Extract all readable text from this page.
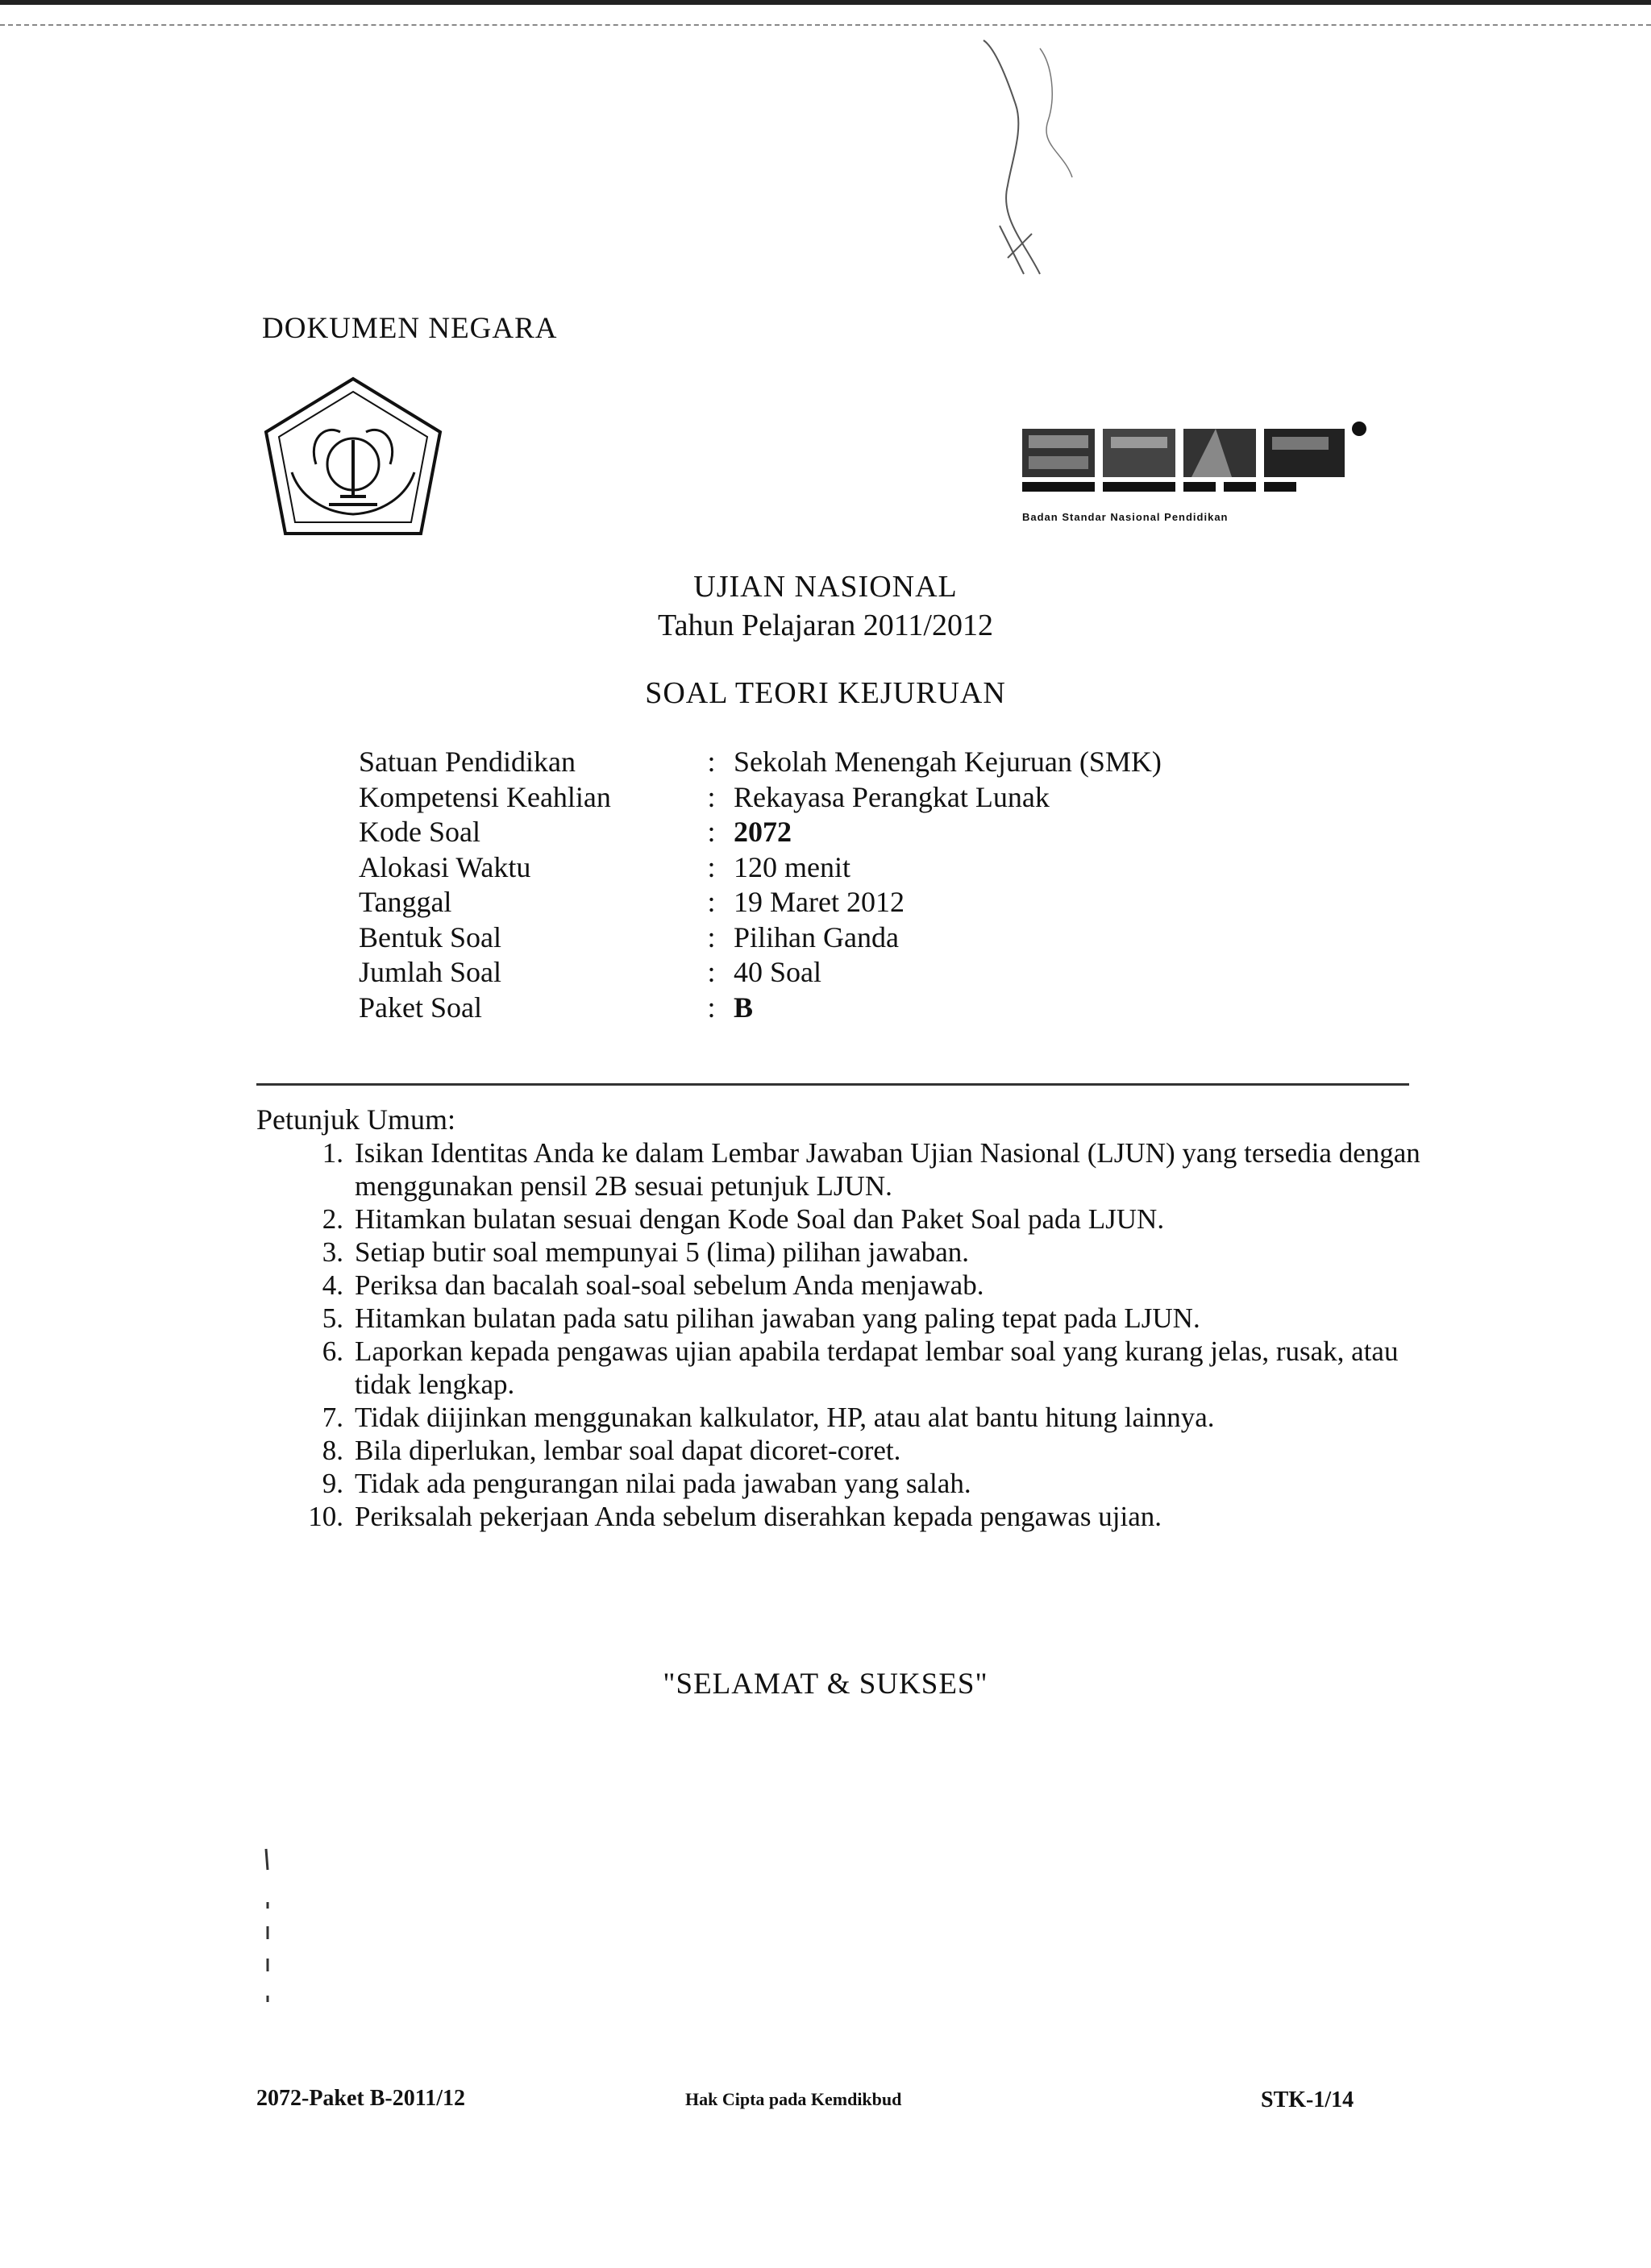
DOKUMEN NEGARA
Badan Standar Nasional Pendidikan
UJIAN NASIONAL
Tahun Pelajaran 2011/2012
SOAL TEORI KEJURUAN
Satuan Pendidikan	: Sekolah Menengah Kejuruan (SMK)
Kompetensi Keahlian	: Rekayasa Perangkat Lunak
Kode Soal	: 2072
Alokasi Waktu	: 120 menit
Tanggal	: 19 Maret 2012
Bentuk Soal	: Pilihan Ganda
Jumlah Soal	: 40 Soal
Paket Soal	: B
Petunjuk Umum:
1. Isikan Identitas Anda ke dalam Lembar Jawaban Ujian Nasional (LJUN) yang tersedia dengan menggunakan pensil 2B sesuai petunjuk LJUN.
2. Hitamkan bulatan sesuai dengan Kode Soal dan Paket Soal pada LJUN.
3. Setiap butir soal mempunyai 5 (lima) pilihan jawaban.
4. Periksa dan bacalah soal-soal sebelum Anda menjawab.
5. Hitamkan bulatan pada satu pilihan jawaban yang paling tepat pada LJUN.
6. Laporkan kepada pengawas ujian apabila terdapat lembar soal yang kurang jelas, rusak, atau tidak lengkap.
7. Tidak diijinkan menggunakan kalkulator, HP, atau alat bantu hitung lainnya.
8. Bila diperlukan, lembar soal dapat dicoret-coret.
9. Tidak ada pengurangan nilai pada jawaban yang salah.
10. Periksalah pekerjaan Anda sebelum diserahkan kepada pengawas ujian.
"SELAMAT & SUKSES"
2072-Paket B-2011/12	Hak Cipta pada Kemdikbud	STK-1/14
